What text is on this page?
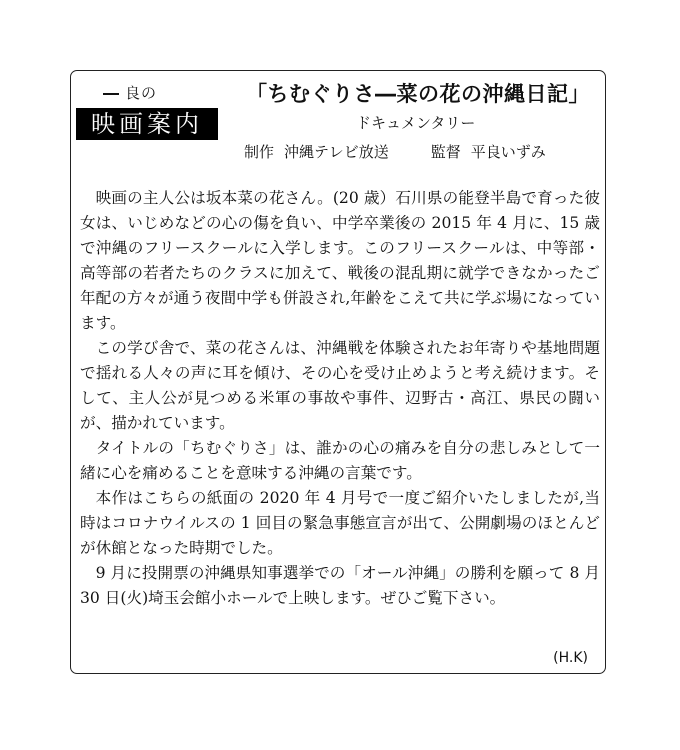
良の
映画案内
「ちむぐりさ―菜の花の沖縄日記」
ドキュメンタリー
制作 沖縄テレビ放送	監督 平良いずみ

映画の主人公は坂本菜の花さん。(20 歳）石川県の能登半島で育った彼女は、いじめなどの心の傷を負い、中学卒業後の 2015 年 4 月に、15 歳で沖縄のフリースクールに入学します。このフリースクールは、中等部・高等部の若者たちのクラスに加えて、戦後の混乱期に就学できなかったご年配の方々が通う夜間中学も併設され,年齢をこえて共に学ぶ場になっています。

この学び舎で、菜の花さんは、沖縄戦を体験されたお年寄りや基地問題で揺れる人々の声に耳を傾け、その心を受け止めようと考え続けます。そして、主人公が見つめる米軍の事故や事件、辺野古・高江、県民の闘いが、描かれています。

タイトルの「ちむぐりさ」は、誰かの心の痛みを自分の悲しみとして一緒に心を痛めることを意味する沖縄の言葉です。

本作はこちらの紙面の 2020 年 4 月号で一度ご紹介いたしましたが,当時はコロナウイルスの 1 回目の緊急事態宣言が出て、公開劇場のほとんどが休館となった時期でした。

9 月に投開票の沖縄県知事選挙での「オール沖縄」の勝利を願って 8 月 30 日(火)埼玉会館小ホールで上映します。ぜひご覧下さい。

(H.K)
